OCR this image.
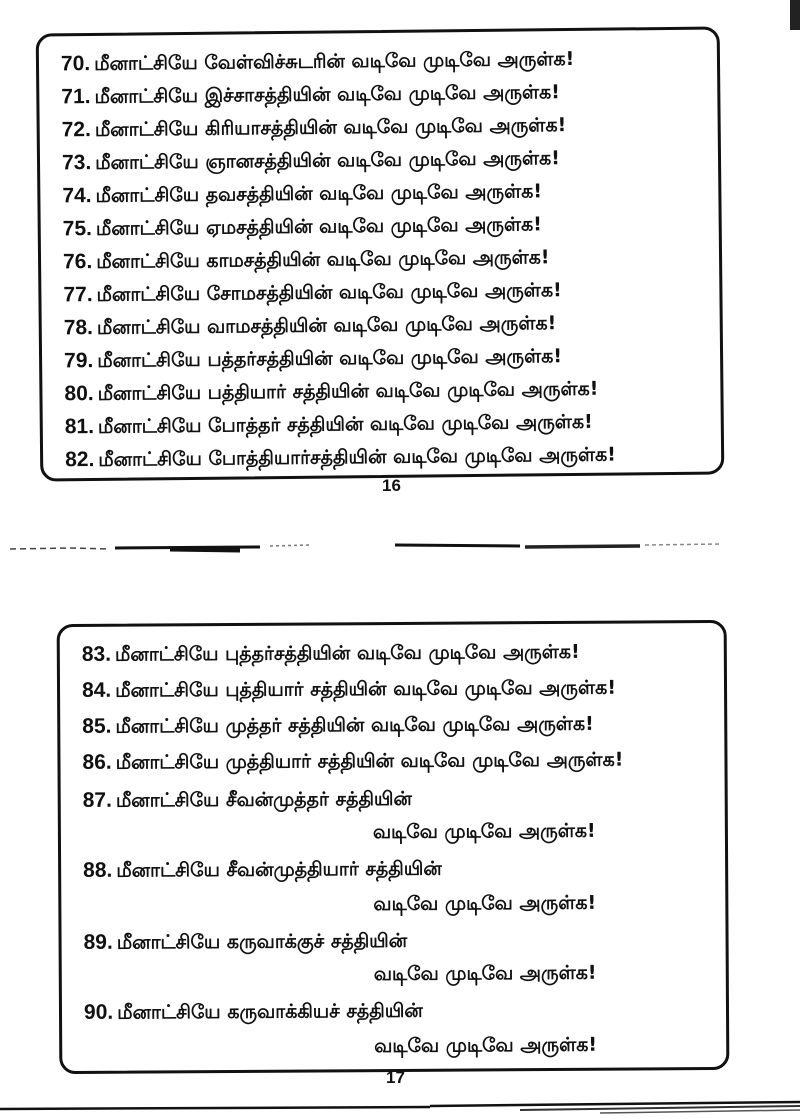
70. மீனாட்சியே வேள்விச்சுடரின் வடிவே முடிவே அருள்க!
71. மீனாட்சியே இச்சாசத்தியின் வடிவே முடிவே அருள்க!
72. மீனாட்சியே கிரியாசத்தியின் வடிவே முடிவே அருள்க!
73. மீனாட்சியே ஞானசத்தியின் வடிவே முடிவே அருள்க!
74. மீனாட்சியே தவசத்தியின் வடிவே முடிவே அருள்க!
75. மீனாட்சியே ஏமசத்தியின் வடிவே முடிவே அருள்க!
76. மீனாட்சியே காமசத்தியின் வடிவே முடிவே அருள்க!
77. மீனாட்சியே சோமசத்தியின் வடிவே முடிவே அருள்க!
78. மீனாட்சியே வாமசத்தியின் வடிவே முடிவே அருள்க!
79. மீனாட்சியே பத்தர்சத்தியின் வடிவே முடிவே அருள்க!
80. மீனாட்சியே பத்தியார் சத்தியின் வடிவே முடிவே அருள்க!
81. மீனாட்சியே போத்தர் சத்தியின் வடிவே முடிவே அருள்க!
82. மீனாட்சியே போத்தியார்சத்தியின் வடிவே முடிவே அருள்க!
16
83. மீனாட்சியே புத்தர்சத்தியின் வடிவே முடிவே அருள்க!
84. மீனாட்சியே புத்தியார் சத்தியின் வடிவே முடிவே அருள்க!
85. மீனாட்சியே முத்தர் சத்தியின் வடிவே முடிவே அருள்க!
86. மீனாட்சியே முத்தியார் சத்தியின் வடிவே முடிவே அருள்க!
87. மீனாட்சியே சீவன்முத்தர் சத்தியின்
வடிவே முடிவே அருள்க!
88. மீனாட்சியே சீவன்முத்தியார் சத்தியின்
வடிவே முடிவே அருள்க!
89. மீனாட்சியே கருவாக்குச் சத்தியின்
வடிவே முடிவே அருள்க!
90. மீனாட்சியே கருவாக்கியச் சத்தியின்
வடிவே முடிவே அருள்க!
17
